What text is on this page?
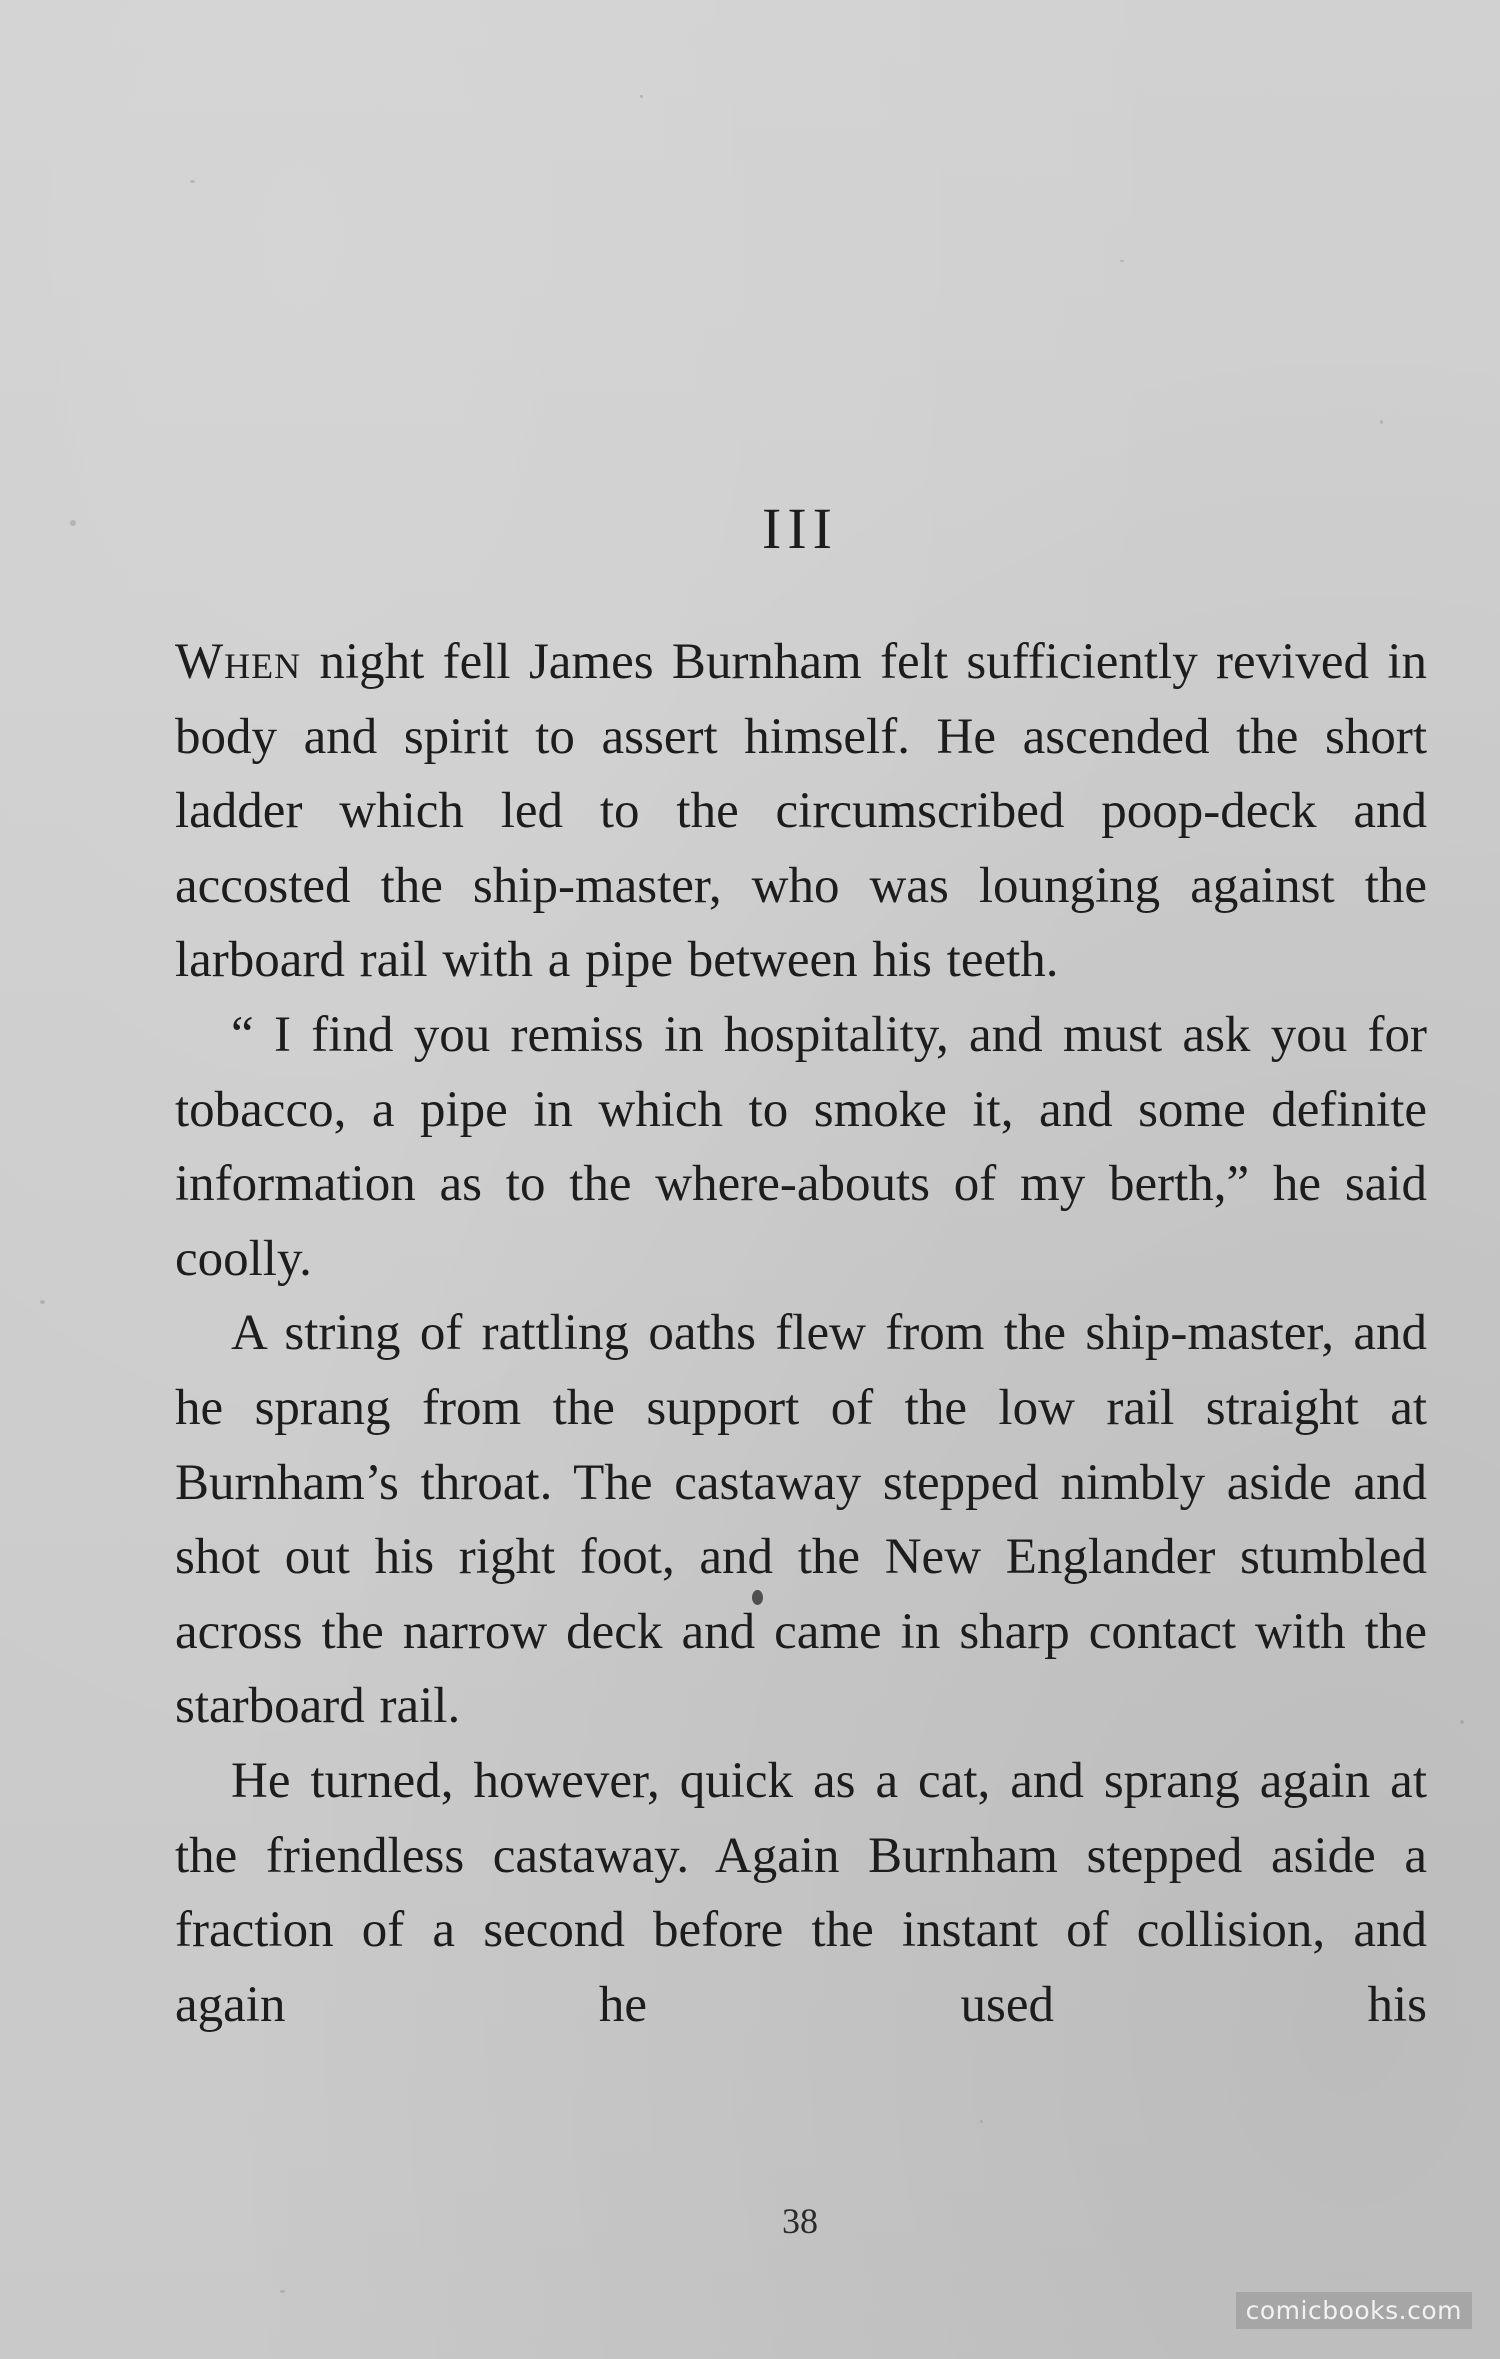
III

When night fell James Burnham felt sufficiently revived in body and spirit to assert himself. He ascended the short ladder which led to the circumscribed poop-deck and accosted the ship-master, who was lounging against the larboard rail with a pipe between his teeth.

“ I find you remiss in hospitality, and must ask you for tobacco, a pipe in which to smoke it, and some definite information as to the where-abouts of my berth,” he said coolly.

A string of rattling oaths flew from the ship-master, and he sprang from the support of the low rail straight at Burnham’s throat. The castaway stepped nimbly aside and shot out his right foot, and the New Englander stumbled across the narrow deck and came in sharp contact with the starboard rail.

He turned, however, quick as a cat, and sprang again at the friendless castaway. Again Burnham stepped aside a fraction of a second before the instant of collision, and again he used his

38
comicbooks.com
